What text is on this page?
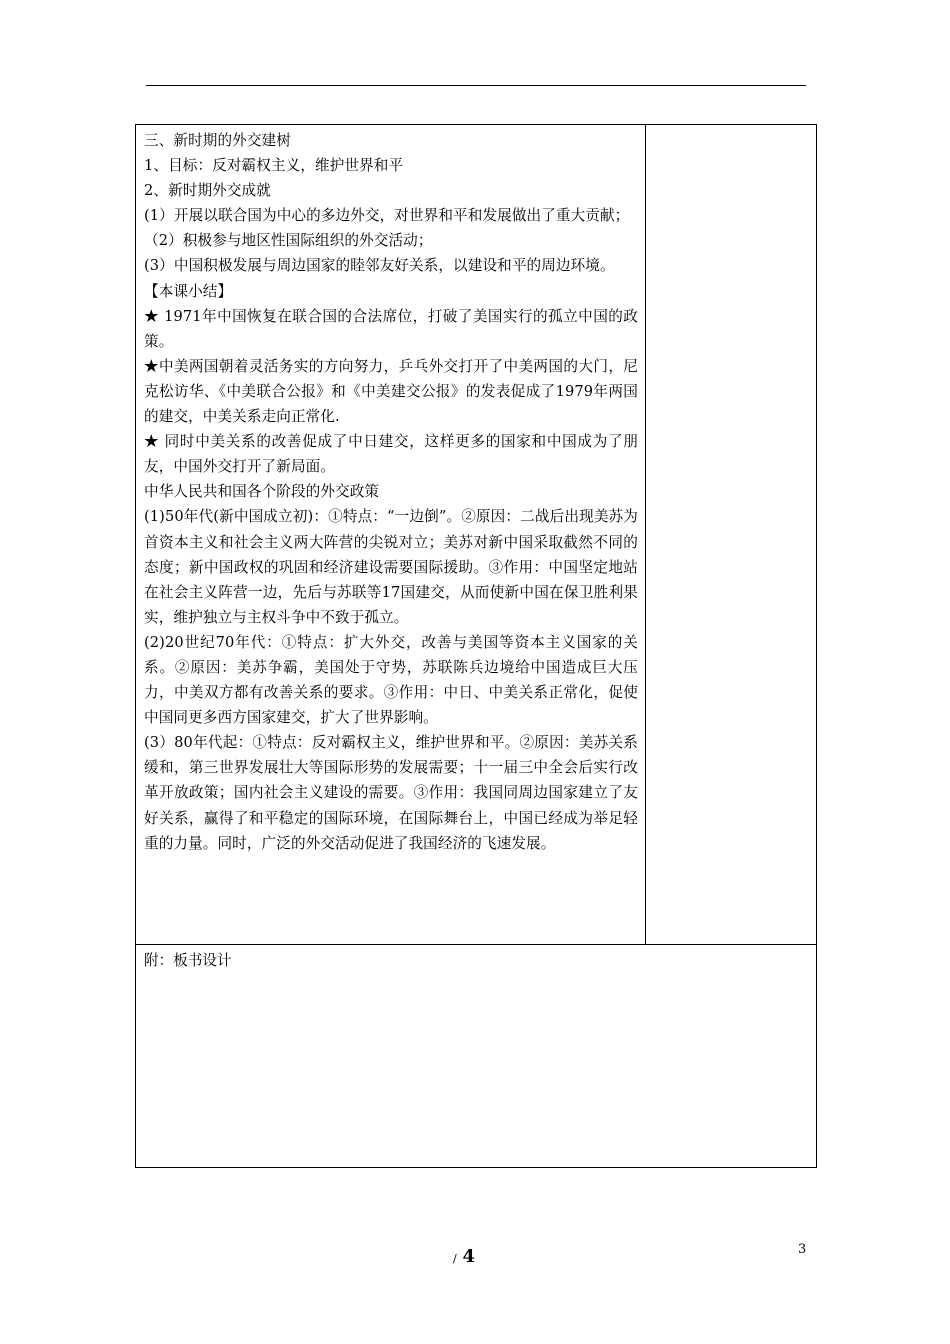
三、新时期的外交建树

1、目标：反对霸权主义，维护世界和平

2、新时期外交成就

(1）开展以联合国为中心的多边外交，对世界和平和发展做出了重大贡献；

（2）积极参与地区性国际组织的外交活动；

(3）中国积极发展与周边国家的睦邻友好关系，以建设和平的周边环境。

【本课小结】

★ 1971年中国恢复在联合国的合法席位，打破了美国实行的孤立中国的政策。

★中美两国朝着灵活务实的方向努力，乒乓外交打开了中美两国的大门，尼克松访华、《中美联合公报》和《中美建交公报》的发表促成了1979年两国的建交，中美关系走向正常化.

★ 同时中美关系的改善促成了中日建交，这样更多的国家和中国成为了朋友，中国外交打开了新局面。

中华人民共和国各个阶段的外交政策

(1)50年代(新中国成立初)：①特点：“一边倒”。②原因：二战后出现美苏为首资本主义和社会主义两大阵营的尖锐对立；美苏对新中国采取截然不同的态度；新中国政权的巩固和经济建设需要国际援助。③作用：中国坚定地站在社会主义阵营一边，先后与苏联等17国建交，从而使新中国在保卫胜利果实，维护独立与主权斗争中不致于孤立。

(2)20世纪70年代：①特点：扩大外交，改善与美国等资本主义国家的关系。②原因：美苏争霸，美国处于守势，苏联陈兵边境给中国造成巨大压力，中美双方都有改善关系的要求。③作用：中日、中美关系正常化，促使中国同更多西方国家建交，扩大了世界影响。

(3）80年代起：①特点：反对霸权主义，维护世界和平。②原因：美苏关系缓和，第三世界发展壮大等国际形势的发展需要；十一届三中全会后实行改革开放政策；国内社会主义建设的需要。③作用：我国同周边国家建立了友好关系，赢得了和平稳定的国际环境，在国际舞台上，中国已经成为举足轻重的力量。同时，广泛的外交活动促进了我国经济的飞速发展。

附：板书设计

/ 4	3
